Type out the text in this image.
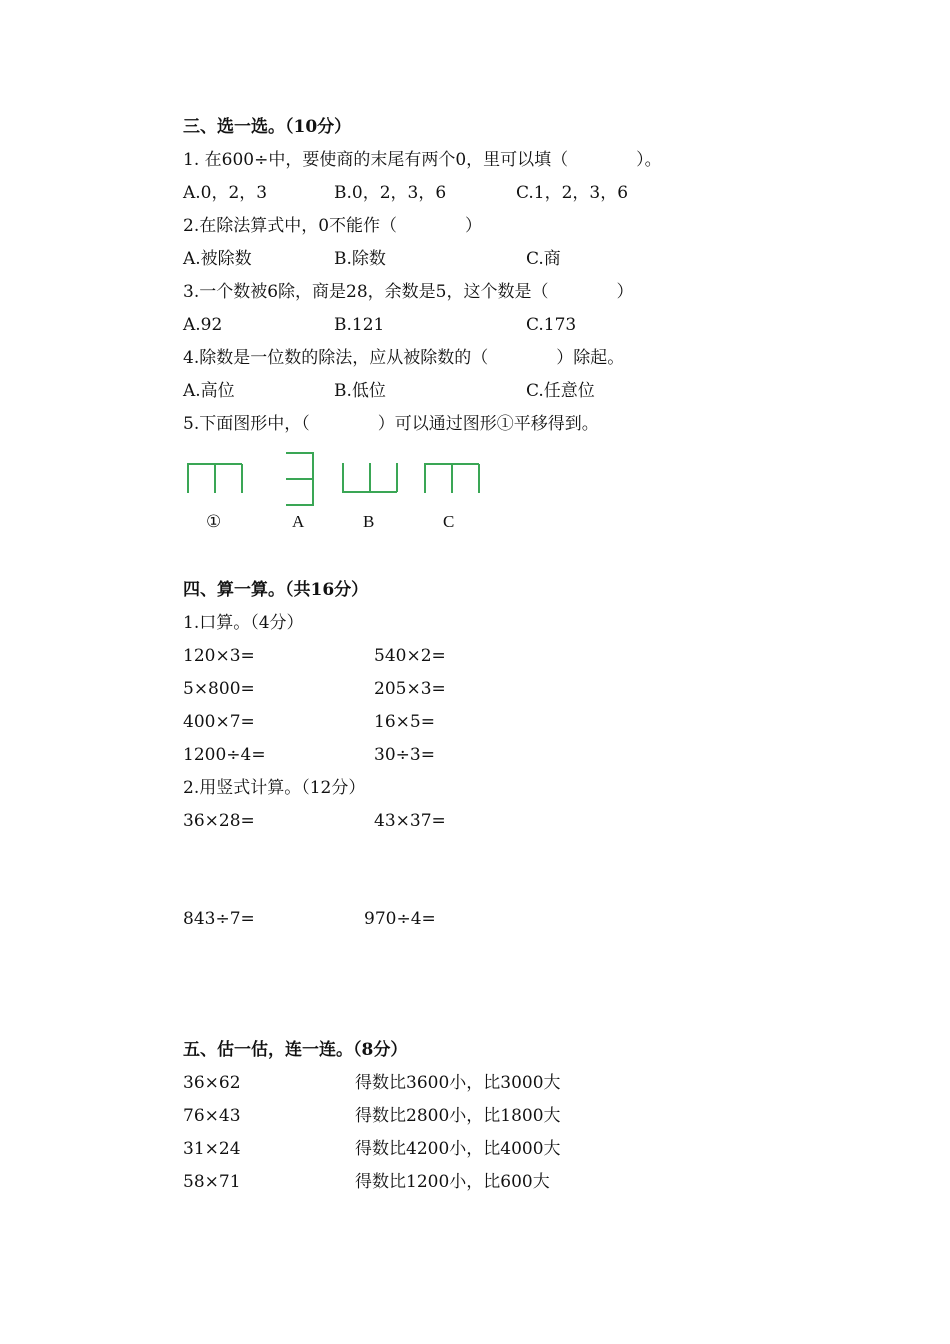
三、选一选。（10分）
1. 在600÷中，要使商的末尾有两个0，里可以填（　　　　）。
A.0，2，3	B.0，2，3，6	C.1，2，3，6
2.在除法算式中，0不能作（　　　　）
A.被除数	B.除数	C.商
3.一个数被6除，商是28，余数是5，这个数是（　　　　）
A.92	B.121	C.173
4.除数是一位数的除法，应从被除数的（　　　　）除起。
A.高位	B.低位	C.任意位
5.下面图形中，（　　　　）可以通过图形①平移得到。
①	A	B	C
四、算一算。（共16分）
1.口算。（4分）
120×3=	540×2=
5×800=	205×3=
400×7=	16×5=
1200÷4=	30÷3=
2.用竖式计算。（12分）
36×28=	43×37=
843÷7=	970÷4=
五、估一估，连一连。（8分）
36×62	得数比3600小，比3000大
76×43	得数比2800小，比1800大
31×24	得数比4200小，比4000大
58×71	得数比1200小，比600大
